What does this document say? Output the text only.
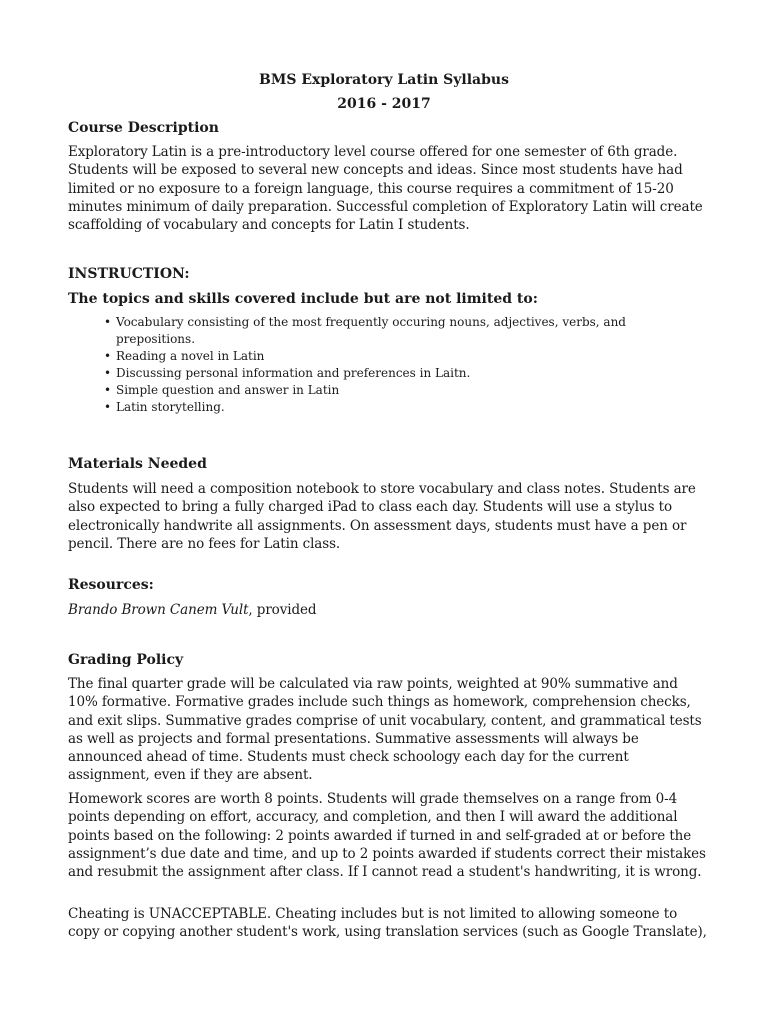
BMS Exploratory Latin Syllabus
2016 - 2017
Course Description

Exploratory Latin is a pre-introductory level course offered for one semester of 6th grade. Students will be exposed to several new concepts and ideas. Since most students have had limited or no exposure to a foreign language, this course requires a commitment of 15-20 minutes minimum of daily preparation. Successful completion of Exploratory Latin will create scaffolding of vocabulary and concepts for Latin I students.

INSTRUCTION:
The topics and skills covered include but are not limited to:
• Vocabulary consisting of the most frequently occuring nouns, adjectives, verbs, and prepositions.
• Reading a novel in Latin
• Discussing personal information and preferences in Laitn.
• Simple question and answer in Latin
• Latin storytelling.
Materials Needed

Students will need a composition notebook to store vocabulary and class notes. Students are also expected to bring a fully charged iPad to class each day. Students will use a stylus to electronically handwrite all assignments. On assessment days, students must have a pen or pencil. There are no fees for Latin class.

Resources:

Brando Brown Canem Vult, provided

Grading Policy

The final quarter grade will be calculated via raw points, weighted at 90% summative and 10% formative. Formative grades include such things as homework, comprehension checks, and exit slips. Summative grades comprise of unit vocabulary, content, and grammatical tests as well as projects and formal presentations. Summative assessments will always be announced ahead of time. Students must check schoology each day for the current assignment, even if they are absent.

Homework scores are worth 8 points. Students will grade themselves on a range from 0-4 points depending on effort, accuracy, and completion, and then I will award the additional points based on the following: 2 points awarded if turned in and self-graded at or before the assignment’s due date and time, and up to 2 points awarded if students correct their mistakes and resubmit the assignment after class. If I cannot read a student's handwriting, it is wrong.

Cheating is UNACCEPTABLE. Cheating includes but is not limited to allowing someone to copy or copying another student's work, using translation services (such as Google Translate),
